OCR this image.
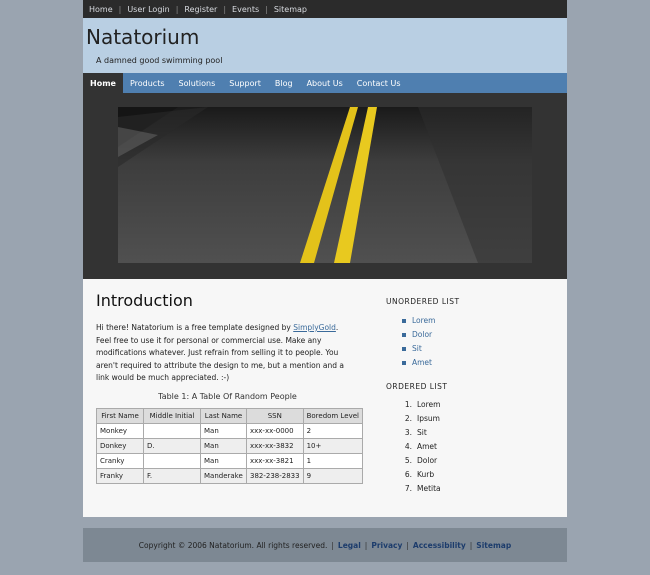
Home | User Login | Register | Events | Sitemap
Natatorium
A damned good swimming pool
Home	Products	Solutions	Support	Blog	About Us	Contact Us
Introduction
Hi there! Natatorium is a free template designed by SimplyGold. Feel free to use it for personal or commercial use. Make any modifications whatever. Just refrain from selling it to people. You aren't required to attribute the design to me, but a mention and a link would be much appreciated. :-)
Table 1: A Table Of Random People
First Name	Middle Initial	Last Name	SSN	Boredom Level
Monkey		Man	xxx-xx-0000	2
Donkey	D.	Man	xxx-xx-3832	10+
Cranky		Man	xxx-xx-3821	1
Franky	F.	Manderake	382-238-2833	9
UNORDERED LIST
Lorem
Dolor
Sit
Amet
ORDERED LIST
1. Lorem
2. Ipsum
3. Sit
4. Amet
5. Dolor
6. Kurb
7. Metita
Copyright © 2006 Natatorium. All rights reserved. | Legal | Privacy | Accessibility | Sitemap
